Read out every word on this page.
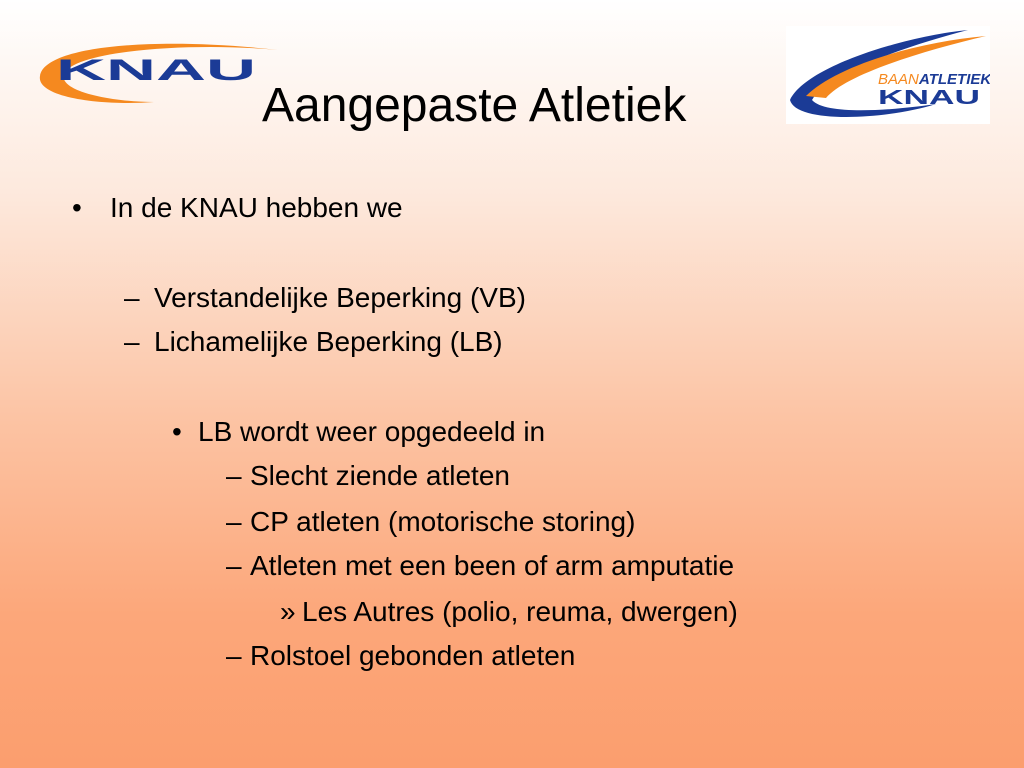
KNAU	BAAN ATLETIEK
KNAU
Aangepaste Atletiek
• In de KNAU hebben we
– Verstandelijke Beperking (VB)
– Lichamelijke Beperking (LB)
• LB wordt weer opgedeeld in
– Slecht ziende atleten
– CP atleten (motorische storing)
– Atleten met een been of arm amputatie
» Les Autres (polio, reuma, dwergen)
– Rolstoel gebonden atleten
